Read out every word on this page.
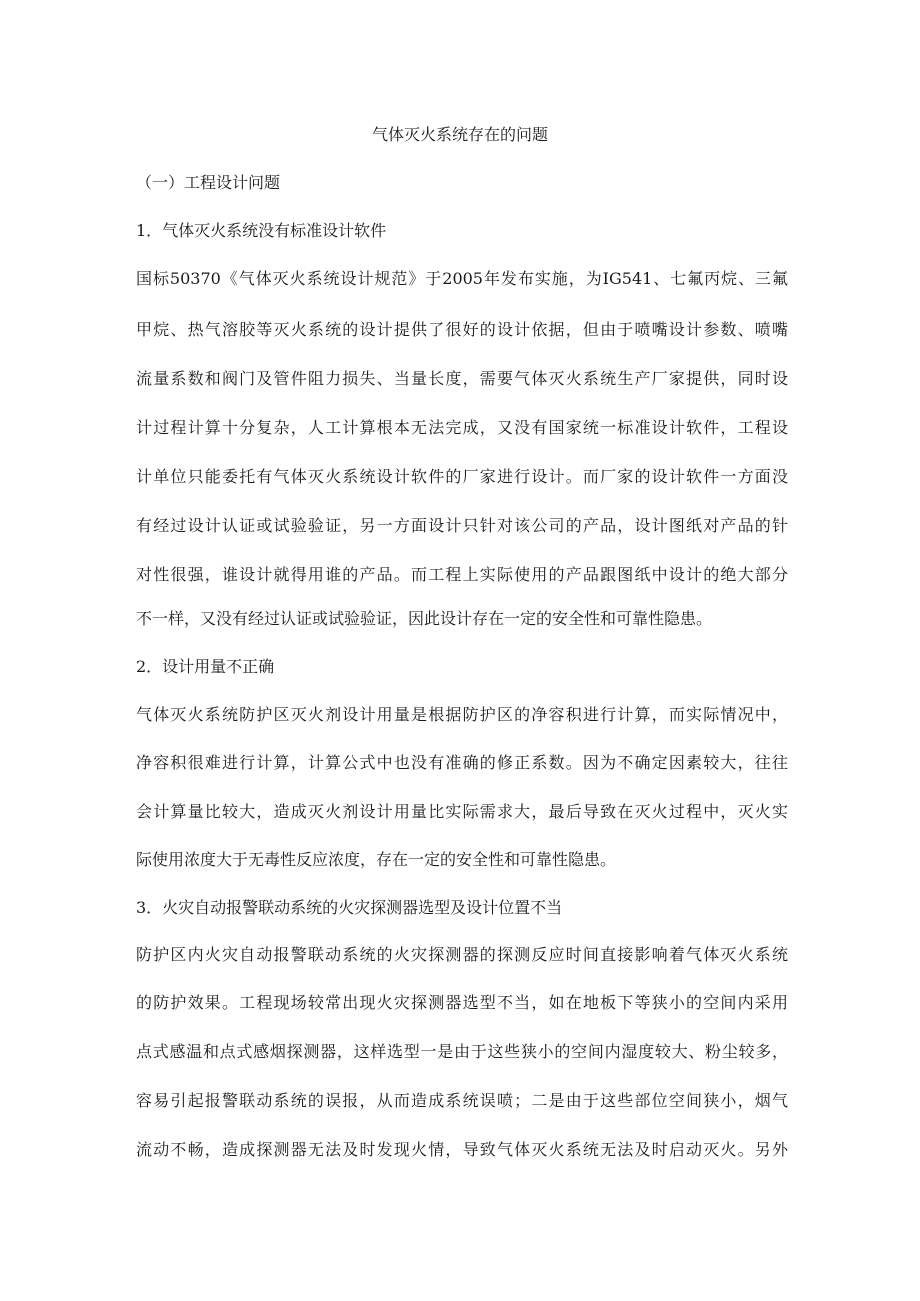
气体灭火系统存在的问题

（一）工程设计问题

1．气体灭火系统没有标准设计软件

国标50370《气体灭火系统设计规范》于2005年发布实施，为IG541、七氟丙烷、三氟

甲烷、热气溶胶等灭火系统的设计提供了很好的设计依据，但由于喷嘴设计参数、喷嘴

流量系数和阀门及管件阻力损失、当量长度，需要气体灭火系统生产厂家提供，同时设

计过程计算十分复杂，人工计算根本无法完成，又没有国家统一标准设计软件，工程设

计单位只能委托有气体灭火系统设计软件的厂家进行设计。而厂家的设计软件一方面没

有经过设计认证或试验验证，另一方面设计只针对该公司的产品，设计图纸对产品的针

对性很强，谁设计就得用谁的产品。而工程上实际使用的产品跟图纸中设计的绝大部分

不一样，又没有经过认证或试验验证，因此设计存在一定的安全性和可靠性隐患。

2．设计用量不正确

气体灭火系统防护区灭火剂设计用量是根据防护区的净容积进行计算，而实际情况中，

净容积很难进行计算，计算公式中也没有准确的修正系数。因为不确定因素较大，往往

会计算量比较大，造成灭火剂设计用量比实际需求大，最后导致在灭火过程中，灭火实

际使用浓度大于无毒性反应浓度，存在一定的安全性和可靠性隐患。

3．火灾自动报警联动系统的火灾探测器选型及设计位置不当

防护区内火灾自动报警联动系统的火灾探测器的探测反应时间直接影响着气体灭火系统

的防护效果。工程现场较常出现火灾探测器选型不当，如在地板下等狭小的空间内采用

点式感温和点式感烟探测器，这样选型一是由于这些狭小的空间内湿度较大、粉尘较多，

容易引起报警联动系统的误报，从而造成系统误喷；二是由于这些部位空间狭小，烟气

流动不畅，造成探测器无法及时发现火情，导致气体灭火系统无法及时启动灭火。另外
